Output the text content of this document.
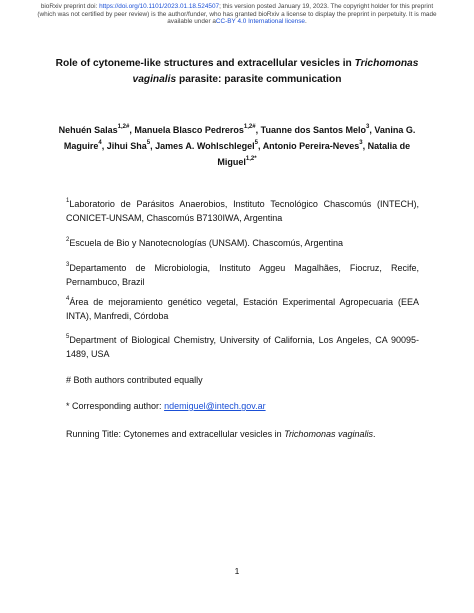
bioRxiv preprint doi: https://doi.org/10.1101/2023.01.18.524507; this version posted January 19, 2023. The copyright holder for this preprint
(which was not certified by peer review) is the author/funder, who has granted bioRxiv a license to display the preprint in perpetuity. It is made
available under aCC-BY 4.0 International license.
Role of cytoneme-like structures and extracellular vesicles in Trichomonas vaginalis parasite: parasite communication
Nehuén Salas$^{1,2\#}$, Manuela Blasco Pedreros$^{1,2\#}$, Tuanne dos Santos Melo$^3$, Vanina G. Maguire$^4$, Jihui Sha$^5$, James A. Wohlschlegel$^5$, Antonio Pereira-Neves$^3$, Natalia de Miguel$^{1,2*}$
$^1$Laboratorio de Parásitos Anaerobios, Instituto Tecnológico Chascomús (INTECH), CONICET-UNSAM, Chascomús B7130IWA, Argentina
$^2$Escuela de Bio y Nanotecnologías (UNSAM). Chascomús, Argentina
$^3$Departamento de Microbiologia, Instituto Aggeu Magalhães, Fiocruz, Recife, Pernambuco, Brazil
$^4$Área de mejoramiento genético vegetal, Estación Experimental Agropecuaria (EEA INTA), Manfredi, Córdoba
$^5$Department of Biological Chemistry, University of California, Los Angeles, CA 90095-1489, USA
# Both authors contributed equally
* Corresponding author: ndemiguel@intech.gov.ar
Running Title: Cytonemes and extracellular vesicles in Trichomonas vaginalis.
1
